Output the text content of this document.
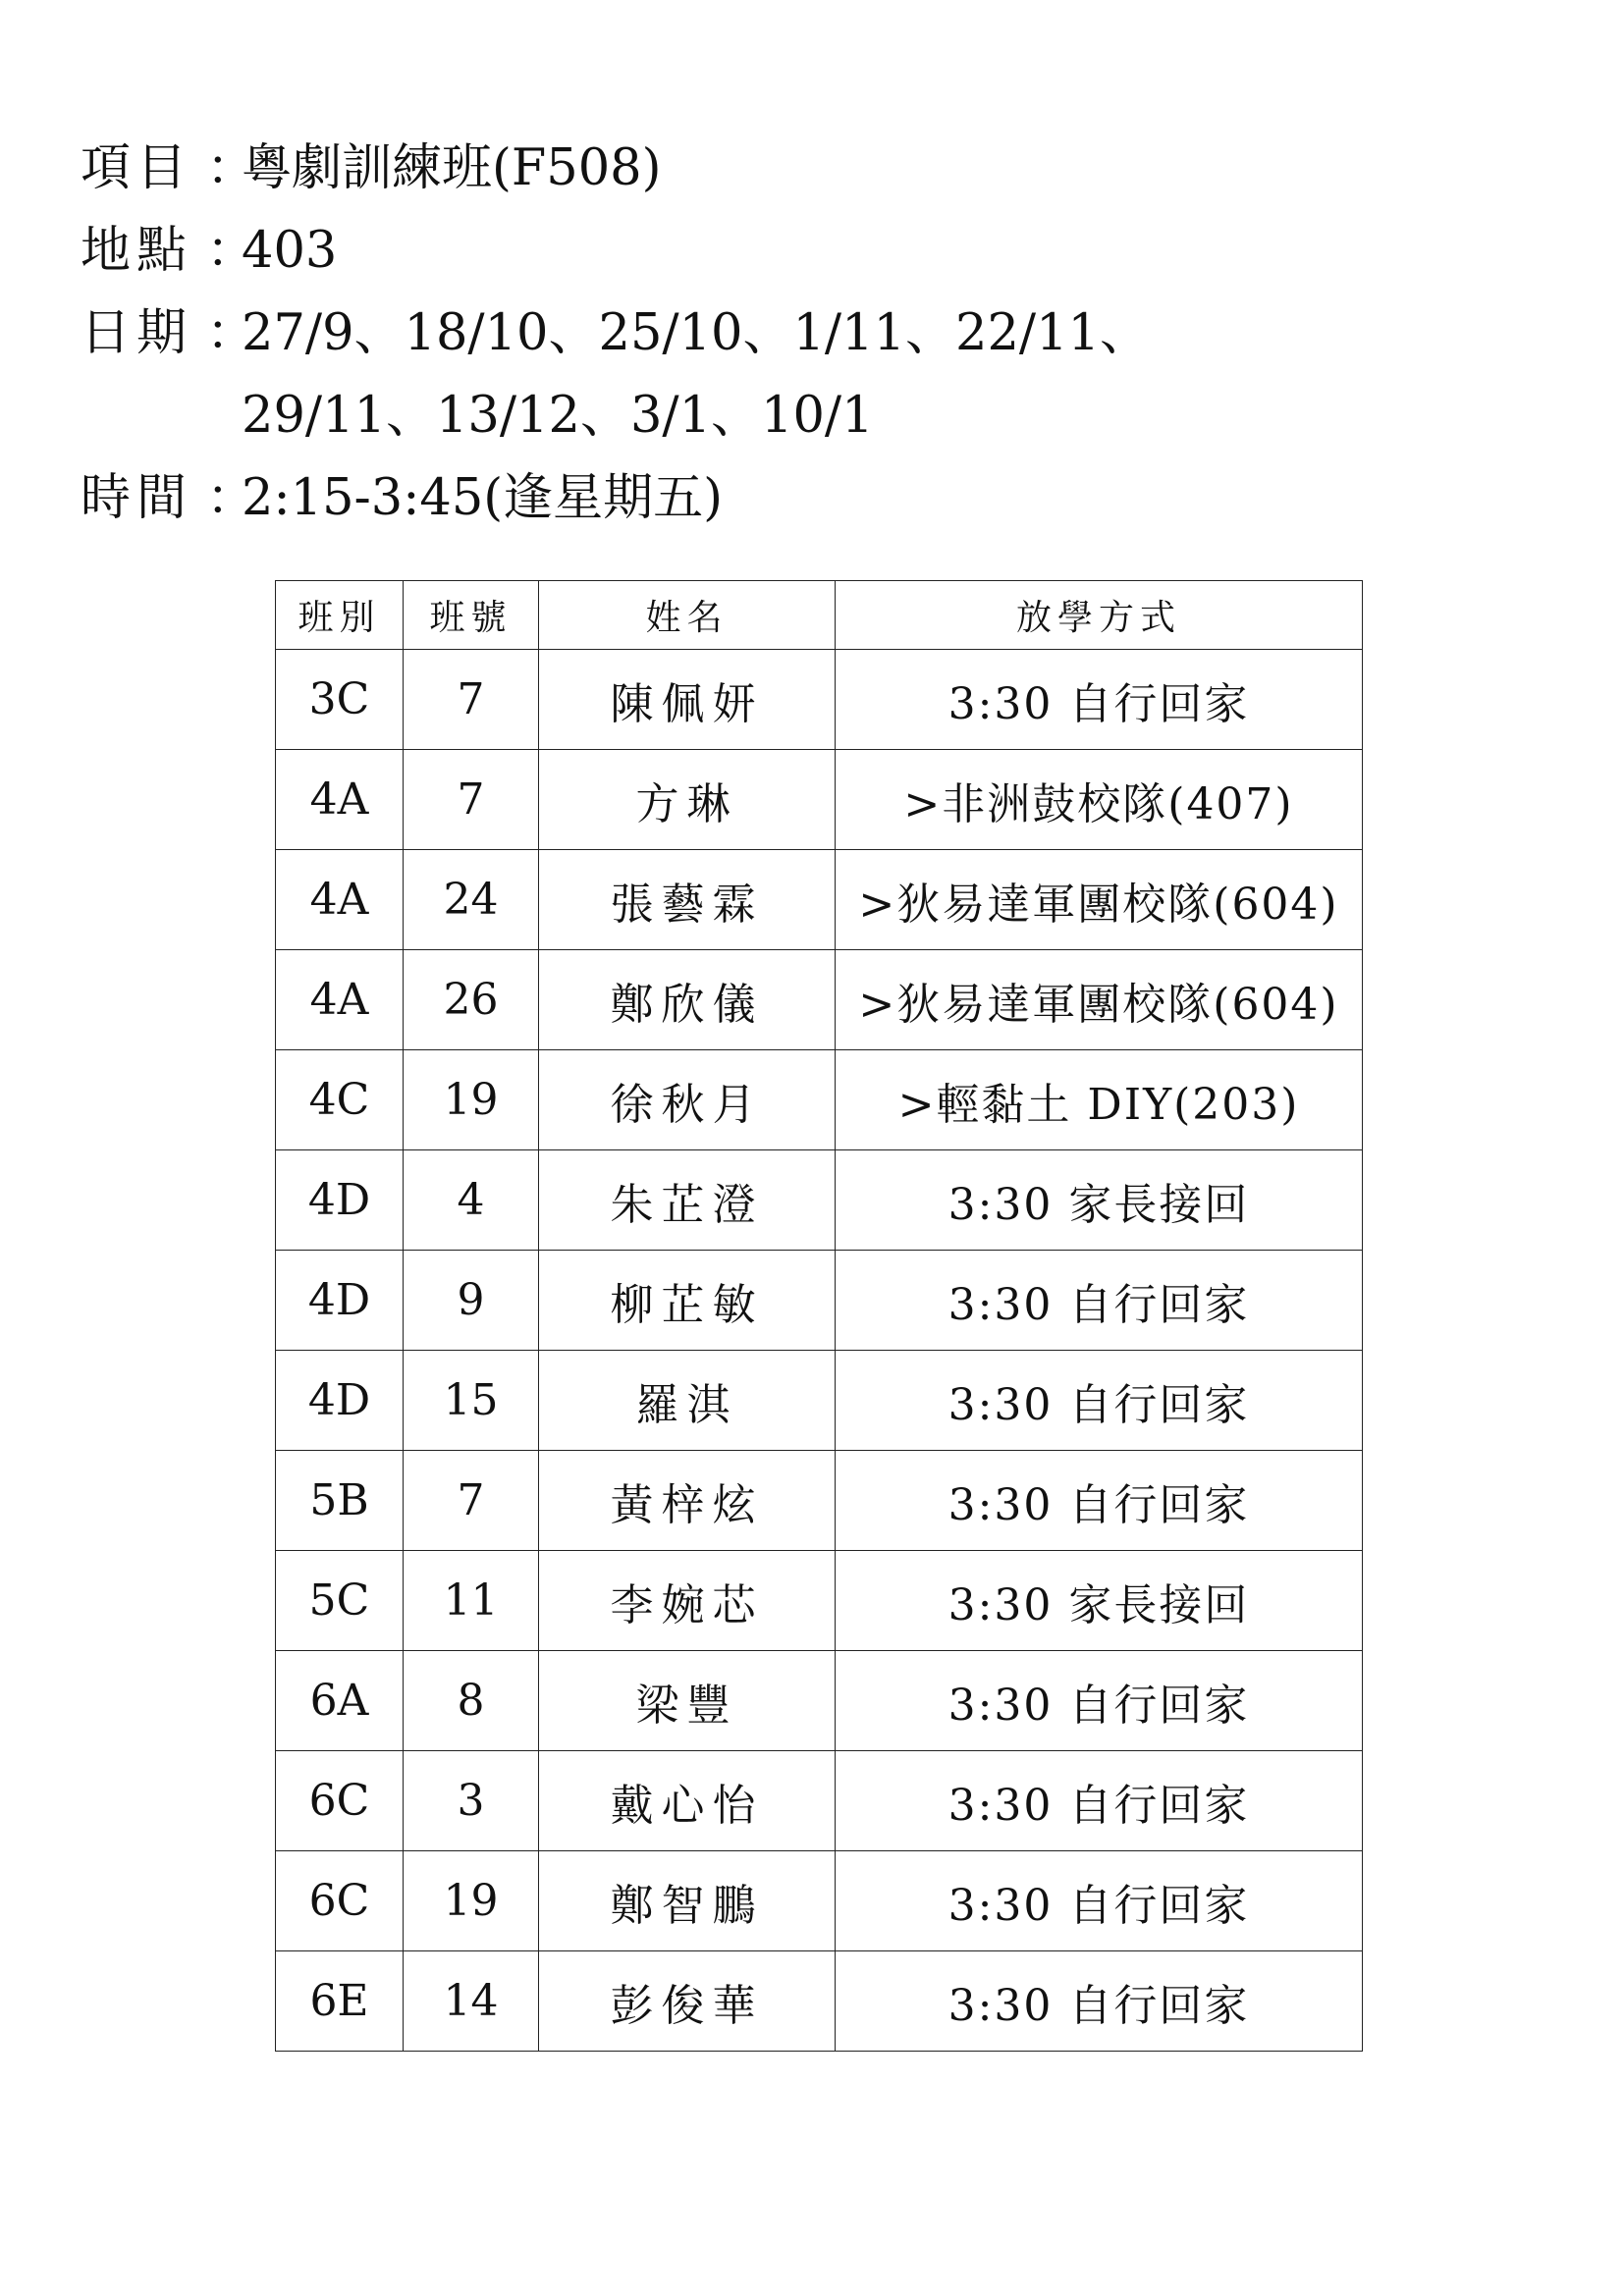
項目 ：
粵劇訓練班(F508)
地點 ：
403
日期 ：
27/9、18/10、25/10、1/11、22/11、
29/11、13/12、3/1、10/1
時間 ：
2:15-3:45(逢星期五)
班別	班號	姓名	放學方式
3C	7	陳佩妍	3:30 自行回家
4A	7	方琳	>非洲鼓校隊(407)
4A	24	張藝霖	>狄易達軍團校隊(604)
4A	26	鄭欣儀	>狄易達軍團校隊(604)
4C	19	徐秋月	>輕黏土 DIY(203)
4D	4	朱芷澄	3:30 家長接回
4D	9	柳芷敏	3:30 自行回家
4D	15	羅淇	3:30 自行回家
5B	7	黃梓炫	3:30 自行回家
5C	11	李婉芯	3:30 家長接回
6A	8	梁豐	3:30 自行回家
6C	3	戴心怡	3:30 自行回家
6C	19	鄭智鵬	3:30 自行回家
6E	14	彭俊華	3:30 自行回家
